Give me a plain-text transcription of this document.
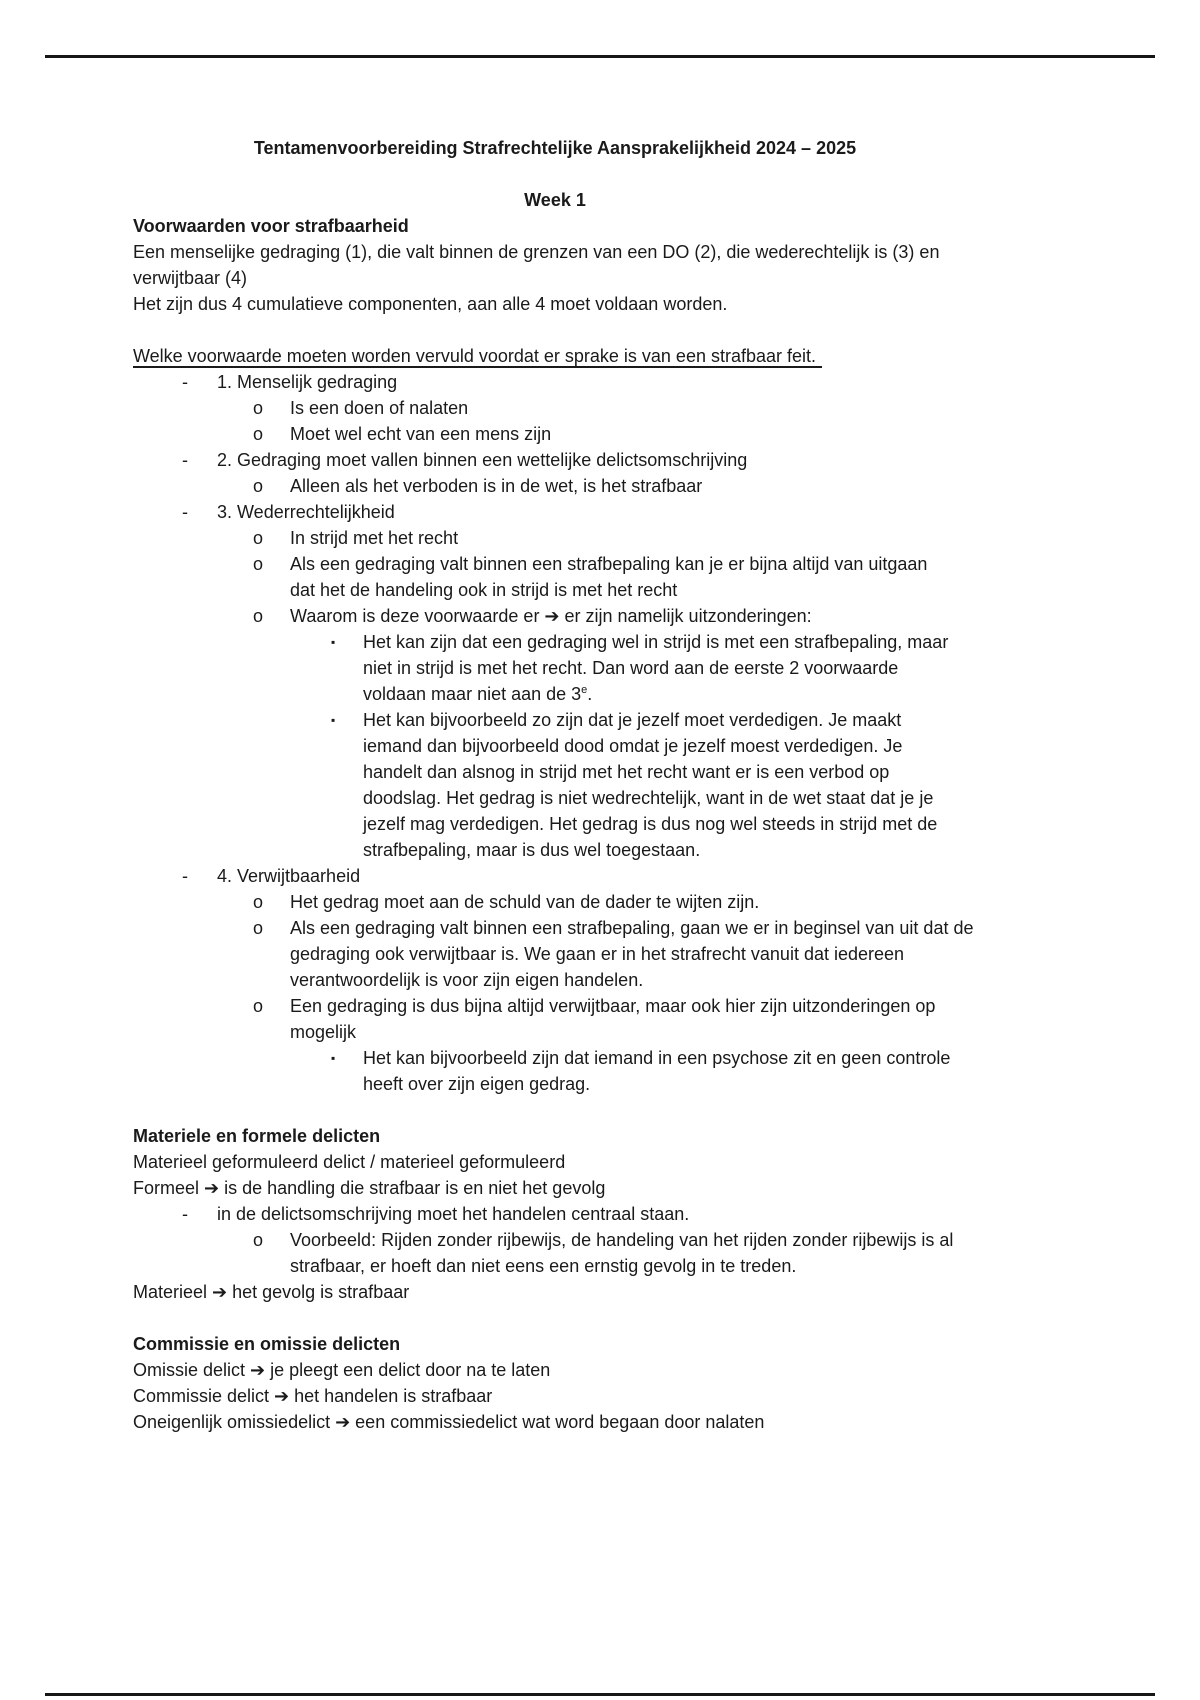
Tentamenvoorbereiding Strafrechtelijke Aansprakelijkheid 2024 – 2025
Week 1
Voorwaarden voor strafbaarheid
Een menselijke gedraging (1), die valt binnen de grenzen van een DO (2), die wederechtelijk is (3) en verwijtbaar (4)
Het zijn dus 4 cumulatieve componenten, aan alle 4 moet voldaan worden.
Welke voorwaarde moeten worden vervuld voordat er sprake is van een strafbaar feit.
-	1. Menselijk gedraging
o	Is een doen of nalaten
o	Moet wel echt van een mens zijn
-	2. Gedraging moet vallen binnen een wettelijke delictsomschrijving
o	Alleen als het verboden is in de wet, is het strafbaar
-	3. Wederrechtelijkheid
o	In strijd met het recht
o	Als een gedraging valt binnen een strafbepaling kan je er bijna altijd van uitgaan dat het de handeling ook in strijd is met het recht
o	Waarom is deze voorwaarde er ➔ er zijn namelijk uitzonderingen:
▪	Het kan zijn dat een gedraging wel in strijd is met een strafbepaling, maar niet in strijd is met het recht. Dan word aan de eerste 2 voorwaarde voldaan maar niet aan de 3e.
▪	Het kan bijvoorbeeld zo zijn dat je jezelf moet verdedigen. Je maakt iemand dan bijvoorbeeld dood omdat je jezelf moest verdedigen. Je handelt dan alsnog in strijd met het recht want er is een verbod op doodslag. Het gedrag is niet wedrechtelijk, want in de wet staat dat je je jezelf mag verdedigen. Het gedrag is dus nog wel steeds in strijd met de strafbepaling, maar is dus wel toegestaan.
-	4. Verwijtbaarheid
o	Het gedrag moet aan de schuld van de dader te wijten zijn.
o	Als een gedraging valt binnen een strafbepaling, gaan we er in beginsel van uit dat de gedraging ook verwijtbaar is. We gaan er in het strafrecht vanuit dat iedereen verantwoordelijk is voor zijn eigen handelen.
o	Een gedraging is dus bijna altijd verwijtbaar, maar ook hier zijn uitzonderingen op mogelijk
▪	Het kan bijvoorbeeld zijn dat iemand in een psychose zit en geen controle heeft over zijn eigen gedrag.
Materiele en formele delicten
Materieel geformuleerd delict / materieel geformuleerd
Formeel ➔ is de handling die strafbaar is en niet het gevolg
-	in de delictsomschrijving moet het handelen centraal staan.
o	Voorbeeld: Rijden zonder rijbewijs, de handeling van het rijden zonder rijbewijs is al strafbaar, er hoeft dan niet eens een ernstig gevolg in te treden.
Materieel ➔ het gevolg is strafbaar
Commissie en omissie delicten
Omissie delict ➔ je pleegt een delict door na te laten
Commissie delict ➔ het handelen is strafbaar
Oneigenlijk omissiedelict ➔ een commissiedelict wat word begaan door nalaten
